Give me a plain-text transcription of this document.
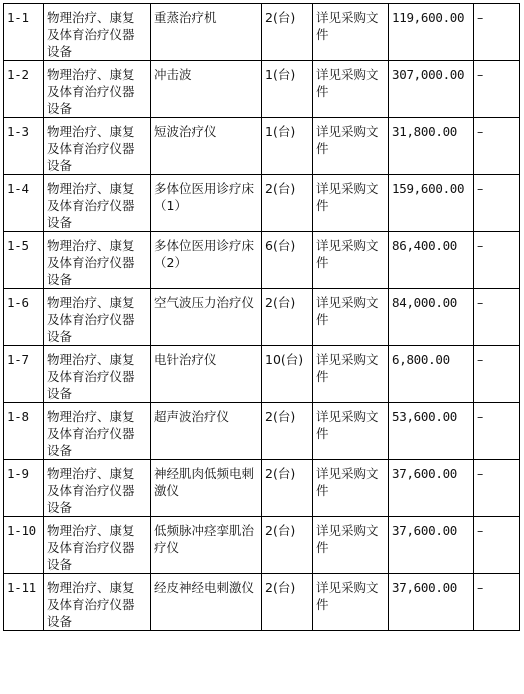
1-1	物理治疗、康复及体育治疗仪器设备	重蒸治疗机	2(台)	详见采购文件	119,600.00	–
1-2	物理治疗、康复及体育治疗仪器设备	冲击波	1(台)	详见采购文件	307,000.00	–
1-3	物理治疗、康复及体育治疗仪器设备	短波治疗仪	1(台)	详见采购文件	31,800.00	–
1-4	物理治疗、康复及体育治疗仪器设备	多体位医用诊疗床（1）	2(台)	详见采购文件	159,600.00	–
1-5	物理治疗、康复及体育治疗仪器设备	多体位医用诊疗床（2）	6(台)	详见采购文件	86,400.00	–
1-6	物理治疗、康复及体育治疗仪器设备	空气波压力治疗仪	2(台)	详见采购文件	84,000.00	–
1-7	物理治疗、康复及体育治疗仪器设备	电针治疗仪	10(台)	详见采购文件	6,800.00	–
1-8	物理治疗、康复及体育治疗仪器设备	超声波治疗仪	2(台)	详见采购文件	53,600.00	–
1-9	物理治疗、康复及体育治疗仪器设备	神经肌肉低频电刺激仪	2(台)	详见采购文件	37,600.00	–
1-10	物理治疗、康复及体育治疗仪器设备	低频脉冲痉挛肌治疗仪	2(台)	详见采购文件	37,600.00	–
1-11	物理治疗、康复及体育治疗仪器设备	经皮神经电刺激仪	2(台)	详见采购文件	37,600.00	–
